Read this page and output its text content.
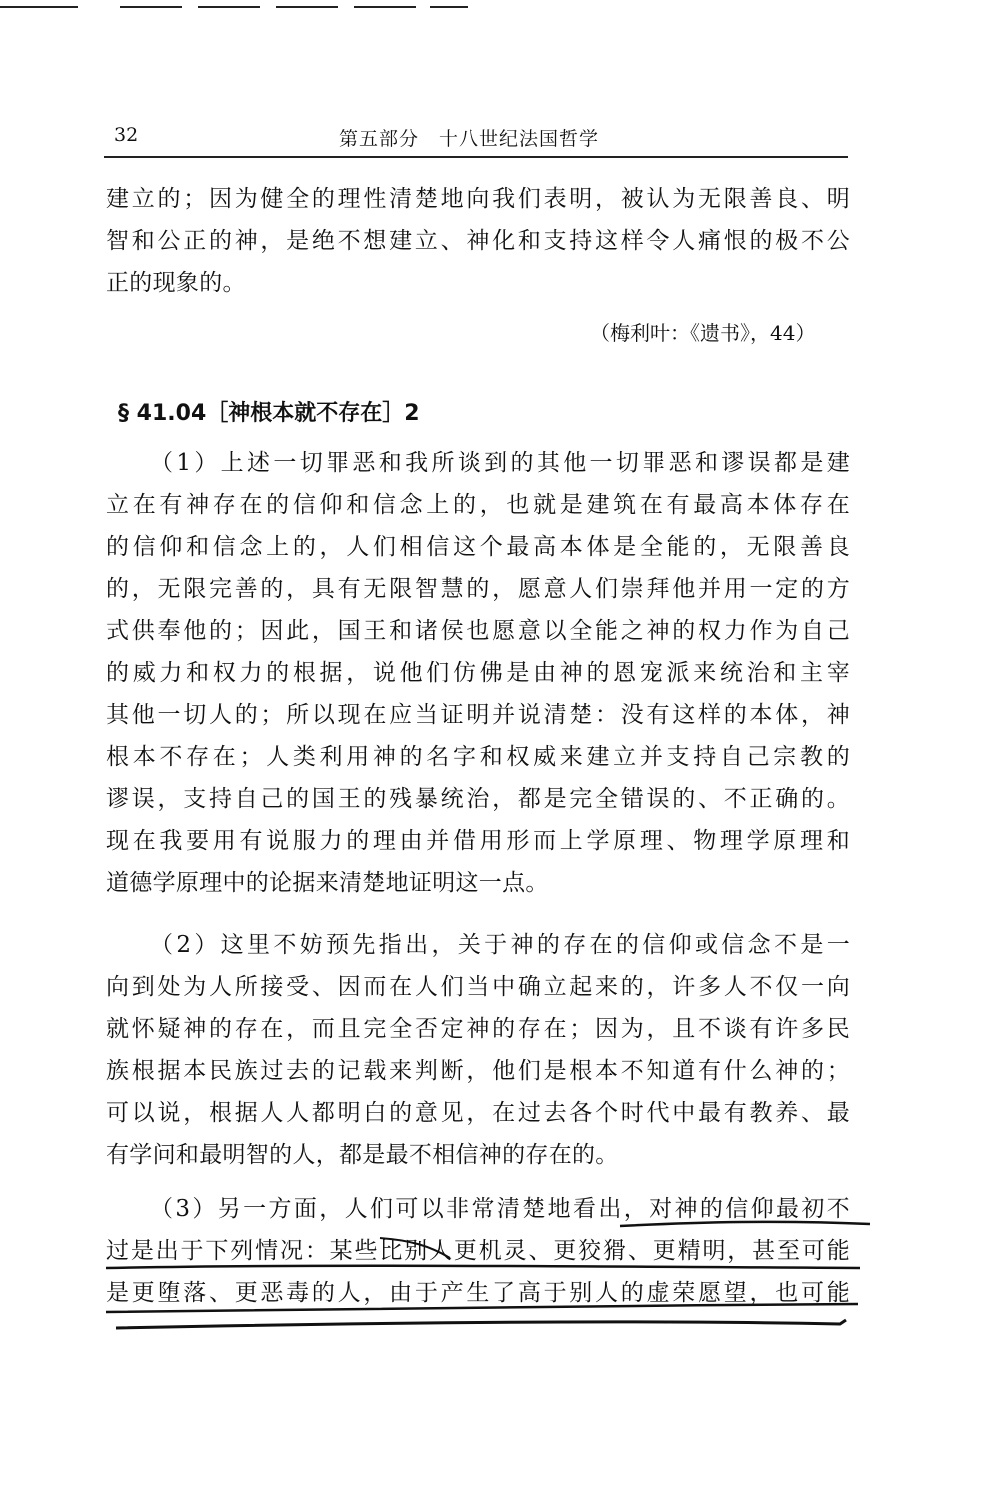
32	第五部分　十八世纪法国哲学
建立的；因为健全的理性清楚地向我们表明，被认为无限善良、明
智和公正的神，是绝不想建立、神化和支持这样令人痛恨的极不公
正的现象的。
（梅利叶：《遗书》，44）
§ 41.04［神根本就不存在］2
（1）上述一切罪恶和我所谈到的其他一切罪恶和谬误都是建
立在有神存在的信仰和信念上的，也就是建筑在有最高本体存在
的信仰和信念上的，人们相信这个最高本体是全能的，无限善良
的，无限完善的，具有无限智慧的，愿意人们崇拜他并用一定的方
式供奉他的；因此，国王和诸侯也愿意以全能之神的权力作为自己
的威力和权力的根据，说他们仿佛是由神的恩宠派来统治和主宰
其他一切人的；所以现在应当证明并说清楚：没有这样的本体，神
根本不存在；人类利用神的名字和权威来建立并支持自己宗教的
谬误，支持自己的国王的残暴统治，都是完全错误的、不正确的。
现在我要用有说服力的理由并借用形而上学原理、物理学原理和
道德学原理中的论据来清楚地证明这一点。
（2）这里不妨预先指出，关于神的存在的信仰或信念不是一
向到处为人所接受、因而在人们当中确立起来的，许多人不仅一向
就怀疑神的存在，而且完全否定神的存在；因为，且不谈有许多民
族根据本民族过去的记载来判断，他们是根本不知道有什么神的；
可以说，根据人人都明白的意见，在过去各个时代中最有教养、最
有学问和最明智的人，都是最不相信神的存在的。
（3）另一方面，人们可以非常清楚地看出，对神的信仰最初不
过是出于下列情况：某些比别人更机灵、更狡猾、更精明，甚至可能
是更堕落、更恶毒的人，由于产生了高于别人的虚荣愿望，也可能
